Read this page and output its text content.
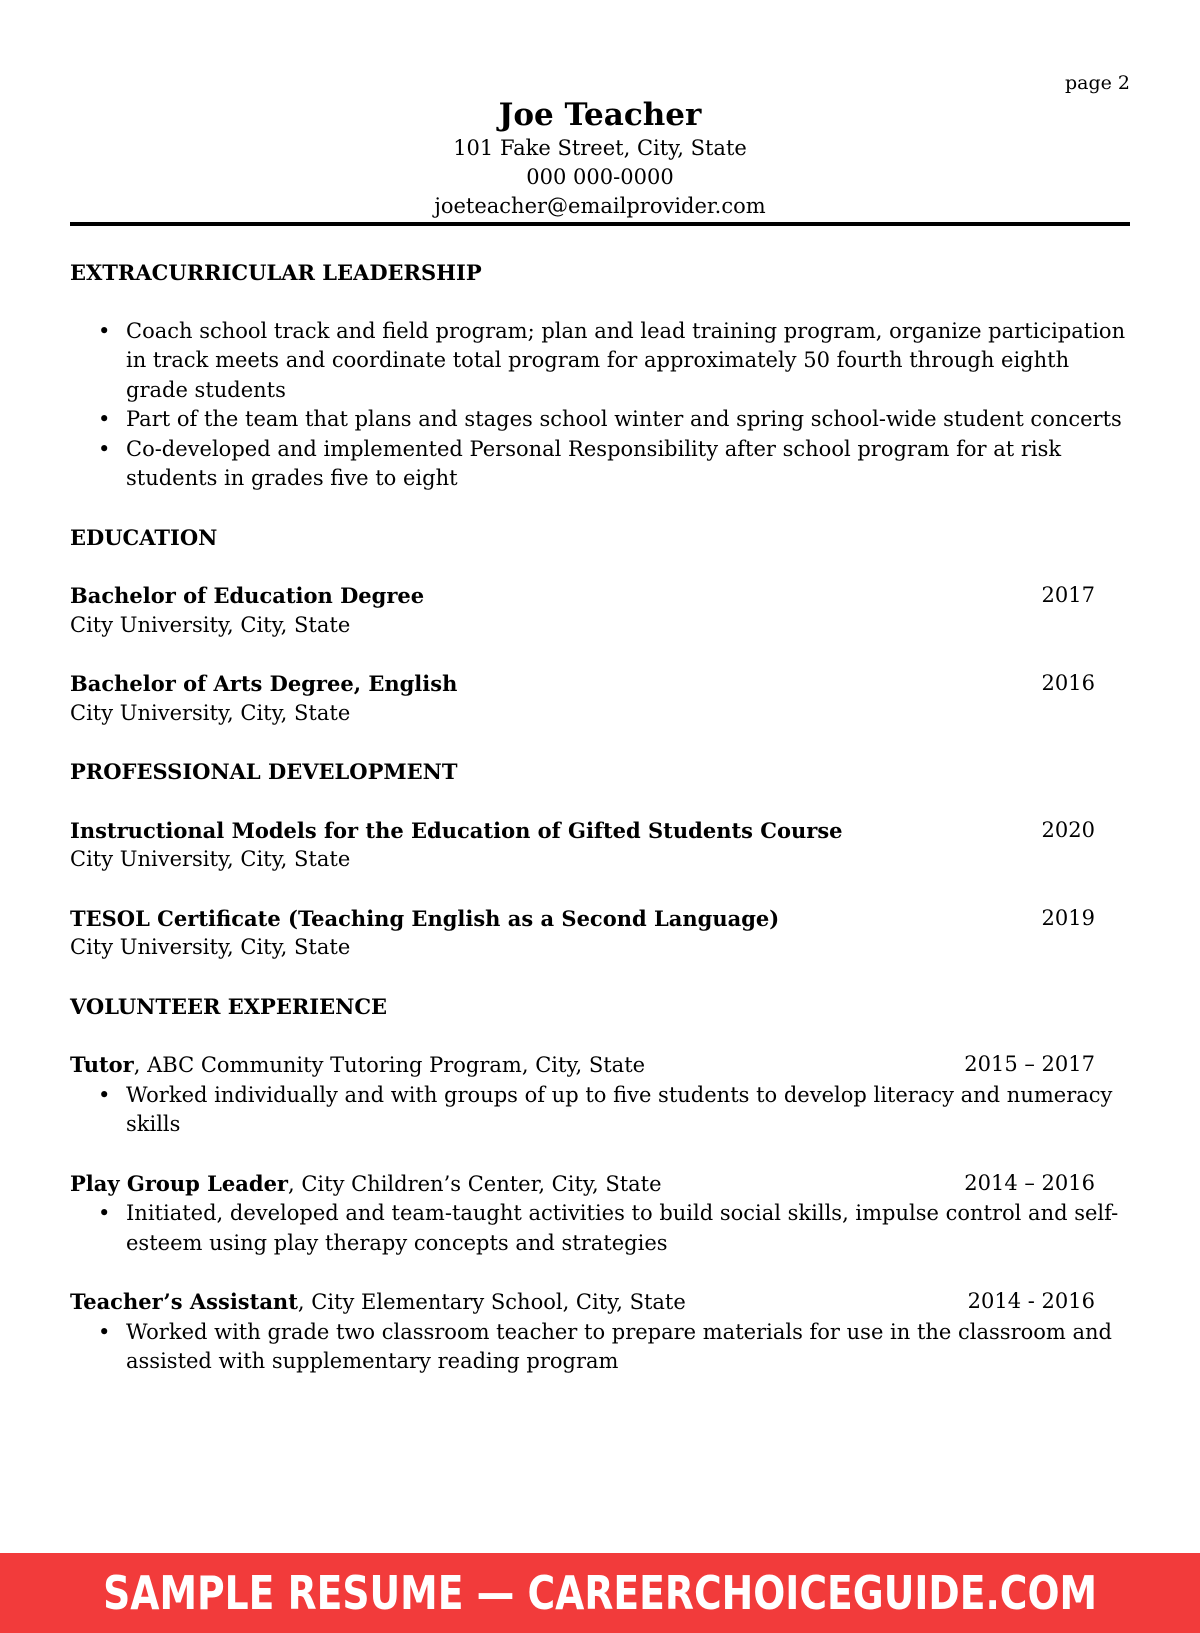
page 2
Joe Teacher
101 Fake Street, City, State
000 000-0000
joeteacher@emailprovider.com
EXTRACURRICULAR LEADERSHIP
• Coach school track and field program; plan and lead training program, organize participation in track meets and coordinate total program for approximately 50 fourth through eighth grade students
• Part of the team that plans and stages school winter and spring school-wide student concerts
• Co-developed and implemented Personal Responsibility after school program for at risk students in grades five to eight
EDUCATION
Bachelor of Education Degree	2017
City University, City, State
Bachelor of Arts Degree, English	2016
City University, City, State
PROFESSIONAL DEVELOPMENT
Instructional Models for the Education of Gifted Students Course	2020
City University, City, State
TESOL Certificate (Teaching English as a Second Language)	2019
City University, City, State
VOLUNTEER EXPERIENCE
Tutor, ABC Community Tutoring Program, City, State	2015 – 2017
• Worked individually and with groups of up to five students to develop literacy and numeracy skills
Play Group Leader, City Children’s Center, City, State	2014 – 2016
• Initiated, developed and team-taught activities to build social skills, impulse control and self-esteem using play therapy concepts and strategies
Teacher’s Assistant, City Elementary School, City, State	2014 - 2016
• Worked with grade two classroom teacher to prepare materials for use in the classroom and assisted with supplementary reading program
SAMPLE RESUME — CAREERCHOICEGUIDE.COM
